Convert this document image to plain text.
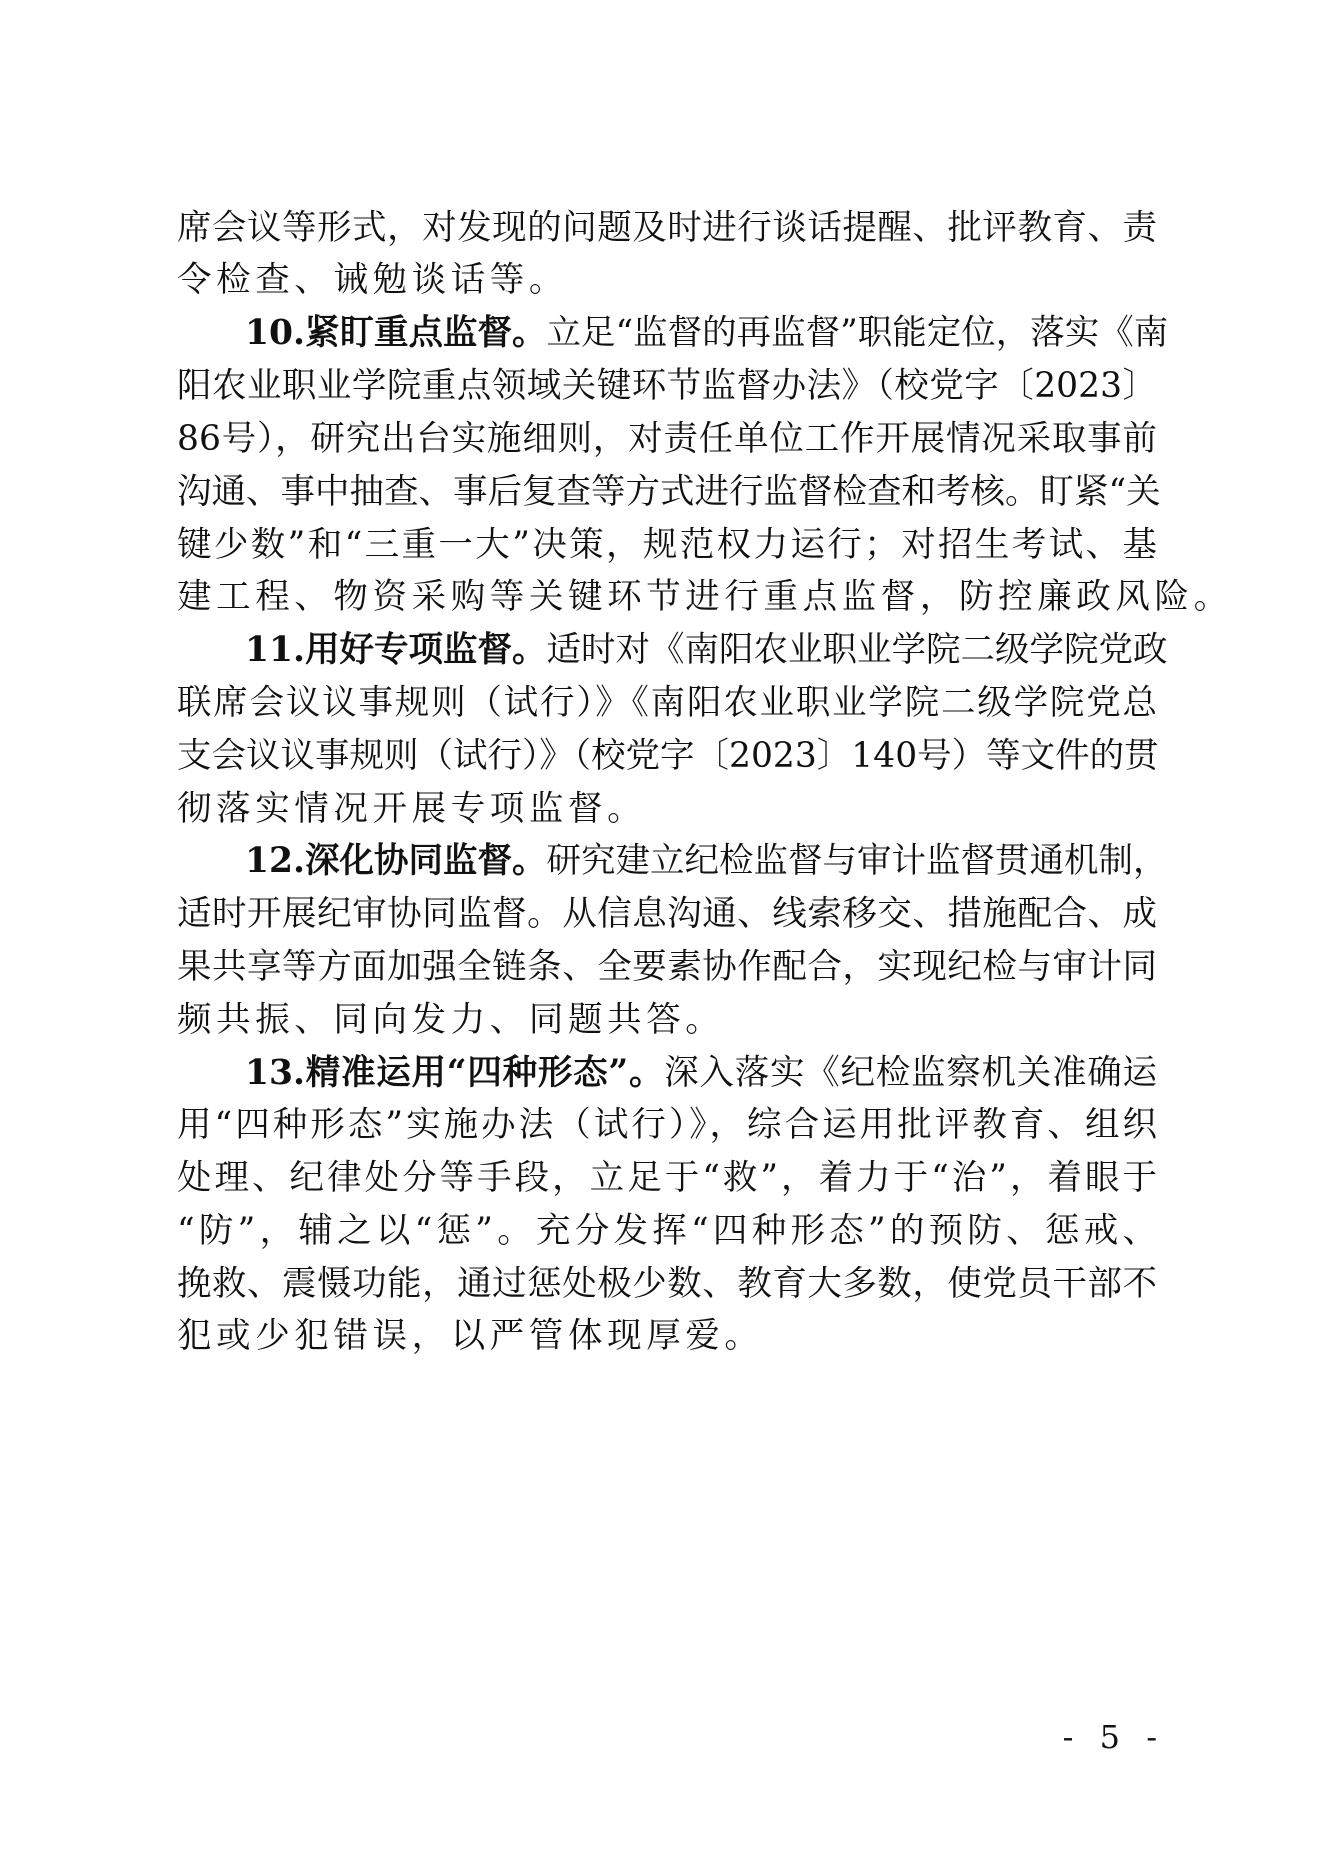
席会议等形式，对发现的问题及时进行谈话提醒、批评教育、责
令检查、诫勉谈话等。
10.紧盯重点监督。立足“监督的再监督”职能定位，落实《南
阳农业职业学院重点领域关键环节监督办法》（校党字〔2023〕
86号），研究出台实施细则，对责任单位工作开展情况采取事前
沟通、事中抽查、事后复查等方式进行监督检查和考核。盯紧“关
键少数”和“三重一大”决策，规范权力运行；对招生考试、基
建工程、物资采购等关键环节进行重点监督，防控廉政风险。
11.用好专项监督。适时对《南阳农业职业学院二级学院党政
联席会议议事规则（试行）》《南阳农业职业学院二级学院党总
支会议议事规则（试行）》（校党字〔2023〕140号）等文件的贯
彻落实情况开展专项监督。
12.深化协同监督。研究建立纪检监督与审计监督贯通机制，
适时开展纪审协同监督。从信息沟通、线索移交、措施配合、成
果共享等方面加强全链条、全要素协作配合，实现纪检与审计同
频共振、同向发力、同题共答。
13.精准运用“四种形态”。深入落实《纪检监察机关准确运
用“四种形态”实施办法（试行）》，综合运用批评教育、组织
处理、纪律处分等手段，立足于“救”，着力于“治”，着眼于
“防”，辅之以“惩”。充分发挥“四种形态”的预防、惩戒、
挽救、震慑功能，通过惩处极少数、教育大多数，使党员干部不
犯或少犯错误，以严管体现厚爱。
- 5 -
